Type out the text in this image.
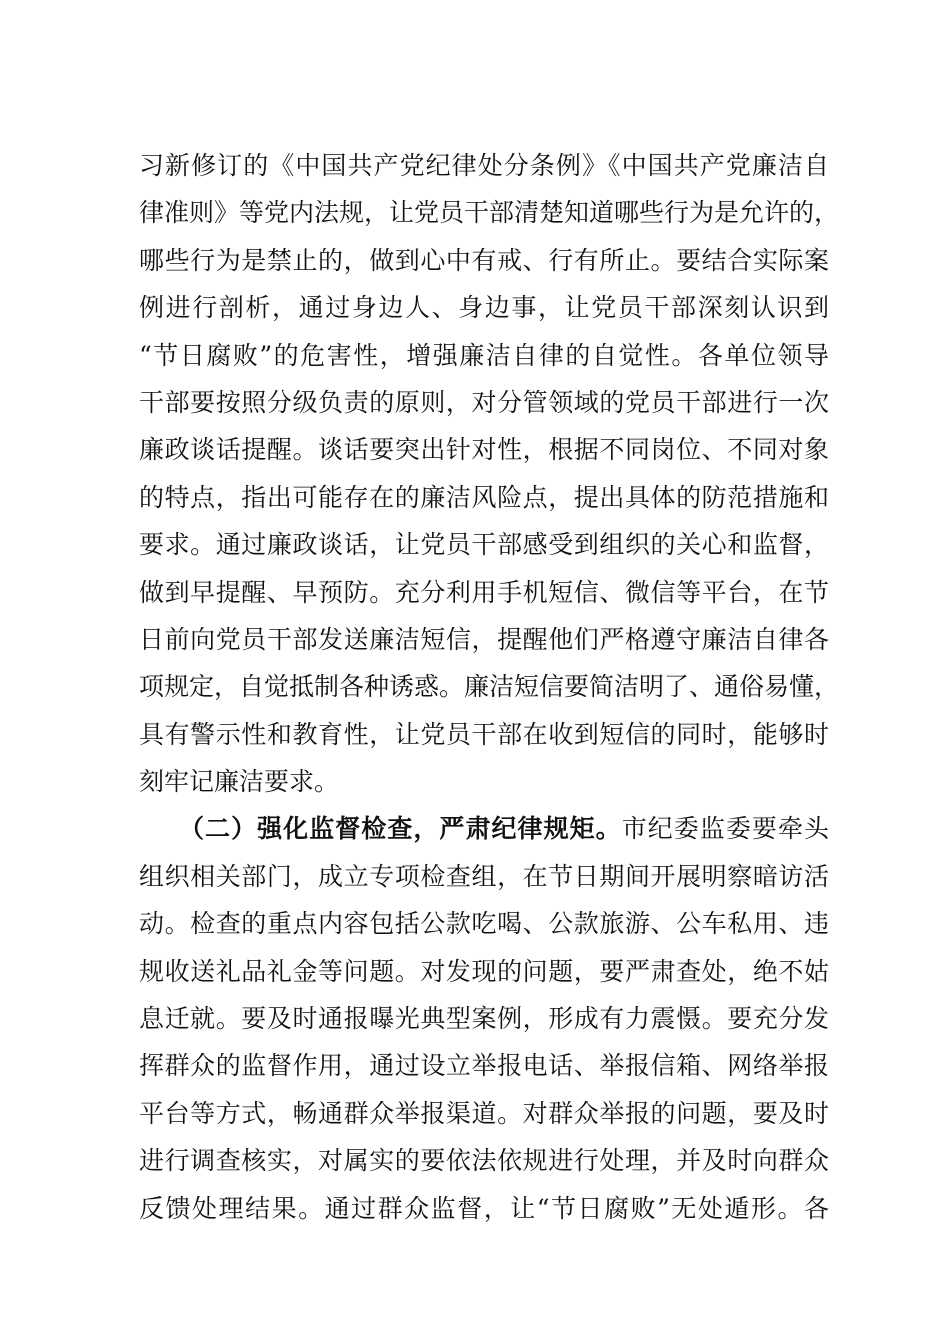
习新修订的《中国共产党纪律处分条例》《中国共产党廉洁自
律准则》等党内法规，让党员干部清楚知道哪些行为是允许的，
哪些行为是禁止的，做到心中有戒、行有所止。要结合实际案
例进行剖析，通过身边人、身边事，让党员干部深刻认识到
“节日腐败”的危害性，增强廉洁自律的自觉性。各单位领导
干部要按照分级负责的原则，对分管领域的党员干部进行一次
廉政谈话提醒。谈话要突出针对性，根据不同岗位、不同对象
的特点，指出可能存在的廉洁风险点，提出具体的防范措施和
要求。通过廉政谈话，让党员干部感受到组织的关心和监督，
做到早提醒、早预防。充分利用手机短信、微信等平台，在节
日前向党员干部发送廉洁短信，提醒他们严格遵守廉洁自律各
项规定，自觉抵制各种诱惑。廉洁短信要简洁明了、通俗易懂，
具有警示性和教育性，让党员干部在收到短信的同时，能够时
刻牢记廉洁要求。
（二）强化监督检查，严肃纪律规矩。市纪委监委要牵头
组织相关部门，成立专项检查组，在节日期间开展明察暗访活
动。检查的重点内容包括公款吃喝、公款旅游、公车私用、违
规收送礼品礼金等问题。对发现的问题，要严肃查处，绝不姑
息迁就。要及时通报曝光典型案例，形成有力震慑。要充分发
挥群众的监督作用，通过设立举报电话、举报信箱、网络举报
平台等方式，畅通群众举报渠道。对群众举报的问题，要及时
进行调查核实，对属实的要依法依规进行处理，并及时向群众
反馈处理结果。通过群众监督，让“节日腐败”无处遁形。各
